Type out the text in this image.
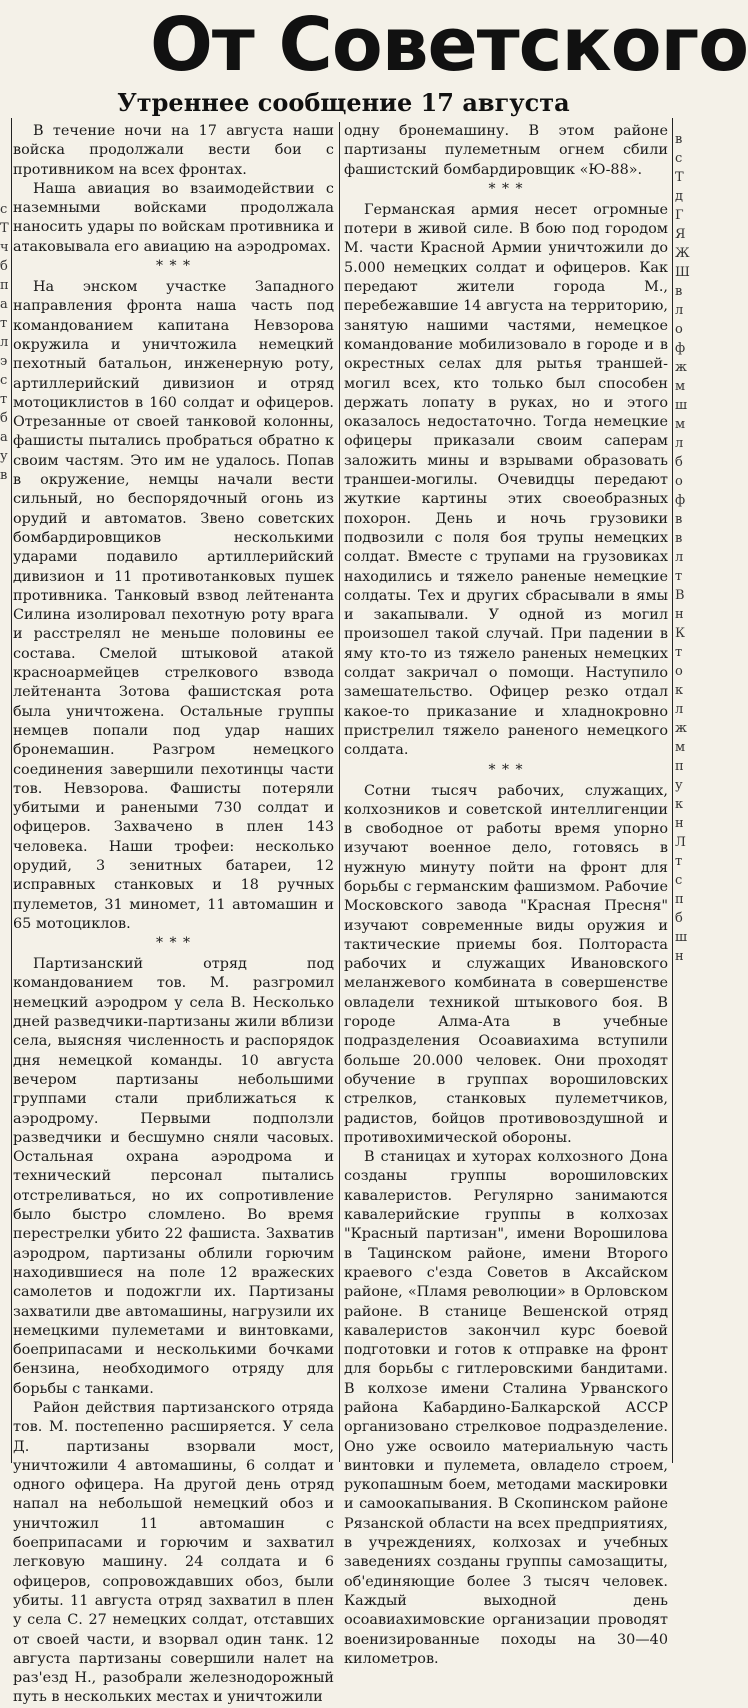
От Советского
Утреннее сообщение 17 августа
с
Т
ч
б
п
а
т
л
э
с
т
б
а
у
в

В течение ночи на 17 августа наши войска продолжали вести бои с противником на всех фронтах.

Наша авиация во взаимодействии с наземными войсками продолжала наносить удары по войскам противника и атаковывала его авиацию на аэродромах.

* * *

На энском участке Западного направления фронта наша часть под командованием капитана Невзорова окружила и уничтожила немецкий пехотный батальон, инженерную роту, артиллерийский дивизион и отряд мотоциклистов в 160 солдат и офицеров. Отрезанные от своей танковой колонны, фашисты пытались пробраться обратно к своим частям. Это им не удалось. Попав в окружение, немцы начали вести сильный, но беспорядочный огонь из орудий и автоматов. Звено советских бомбардировщиков несколькими ударами подавило артиллерийский дивизион и 11 противотанковых пушек противника. Танковый взвод лейтенанта Силина изолировал пехотную роту врага и расстрелял не меньше половины ее состава. Смелой штыковой атакой красноармейцев стрелкового взвода лейтенанта Зотова фашистская рота была уничтожена. Остальные группы немцев попали под удар наших бронемашин. Разгром немецкого соединения завершили пехотинцы части тов. Невзорова. Фашисты потеряли убитыми и ранеными 730 солдат и офицеров. Захвачено в плен 143 человека. Наши трофеи: несколько орудий, 3 зенитных батареи, 12 исправных станковых и 18 ручных пулеметов, 31 миномет, 11 автомашин и 65 мотоциклов.

* * *

Партизанский отряд под командованием тов. М. разгромил немецкий аэродром у села В. Несколько дней разведчики-партизаны жили вблизи села, выясняя численность и распорядок дня немецкой команды. 10 августа вечером партизаны небольшими группами стали приближаться к аэродрому. Первыми подползли разведчики и бесшумно сняли часовых. Остальная охрана аэродрома и технический персонал пытались отстреливаться, но их сопротивление было быстро сломлено. Во время перестрелки убито 22 фашиста. Захватив аэродром, партизаны облили горючим находившиеся на поле 12 вражеских самолетов и подожгли их. Партизаны захватили две автомашины, нагрузили их немецкими пулеметами и винтовками, боеприпасами и несколькими бочками бензина, необходимого отряду для борьбы с танками.

Район действия партизанского отряда тов. М. постепенно расширяется. У села Д. партизаны взорвали мост, уничтожили 4 автомашины, 6 солдат и одного офицера. На другой день отряд напал на небольшой немецкий обоз и уничтожил 11 автомашин с боеприпасами и горючим и захватил легковую машину. 24 солдата и 6 офицеров, сопровождавших обоз, были убиты. 11 августа отряд захватил в плен у села С. 27 немецких солдат, отставших от своей части, и взорвал один танк. 12 августа партизаны совершили налет на раз'езд Н., разобрали железнодорожный путь в нескольких местах и уничтожили

одну бронемашину. В этом районе партизаны пулеметным огнем сбили фашистский бомбардировщик «Ю-88».

* * *

Германская армия несет огромные потери в живой силе. В бою под городом М. части Красной Армии уничтожили до 5.000 немецких солдат и офицеров. Как передают жители города М., перебежавшие 14 августа на территорию, занятую нашими частями, немецкое командование мобилизовало в городе и в окрестных селах для рытья траншей-могил всех, кто только был способен держать лопату в руках, но и этого оказалось недостаточно. Тогда немецкие офицеры приказали своим саперам заложить мины и взрывами образовать траншеи-могилы. Очевидцы передают жуткие картины этих своеобразных похорон. День и ночь грузовики подвозили с поля боя трупы немецких солдат. Вместе с трупами на грузовиках находились и тяжело раненые немецкие солдаты. Тех и других сбрасывали в ямы и закапывали. У одной из могил произошел такой случай. При падении в яму кто-то из тяжело раненых немецких солдат закричал о помощи. Наступило замешательство. Офицер резко отдал какое-то приказание и хладнокровно пристрелил тяжело раненого немецкого солдата.

* * *

Сотни тысяч рабочих, служащих, колхозников и советской интеллигенции в свободное от работы время упорно изучают военное дело, готовясь в нужную минуту пойти на фронт для борьбы с германским фашизмом. Рабочие Московского завода "Красная Пресня" изучают современные виды оружия и тактические приемы боя. Полтораста рабочих и служащих Ивановского меланжевого комбината в совершенстве овладели техникой штыкового боя. В городе Алма-Ата в учебные подразделения Осоавиахима вступили больше 20.000 человек. Они проходят обучение в группах ворошиловских стрелков, станковых пулеметчиков, радистов, бойцов противовоздушной и противохимической обороны.

В станицах и хуторах колхозного Дона созданы группы ворошиловских кавалеристов. Регулярно занимаются кавалерийские группы в колхозах "Красный партизан", имени Ворошилова в Тацинском районе, имени Второго краевого с'езда Советов в Аксайском районе, «Пламя революции» в Орловском районе. В станице Вешенской отряд кавалеристов закончил курс боевой подготовки и готов к отправке на фронт для борьбы с гитлеровскими бандитами. В колхозе имени Сталина Урванского района Кабардино-Балкарской АССР организовано стрелковое подразделение. Оно уже освоило материальную часть винтовки и пулемета, овладело строем, рукопашным боем, методами маскировки и самоокапывания. В Скопинском районе Рязанской области на всех предприятиях, в учреждениях, колхозах и учебных заведениях созданы группы самозащиты, об'единяющие более 3 тысяч человек. Каждый выходной день осоавиахимовские организации проводят военизированные походы на 30—40 километров.

в
с
Т
д
Г
Я
Ж
Ш
в
л
о
ф
ж
м
ш
м
л
б
о
ф
в
в
л
т
В
н
К
т
о
к
л
ж
м
п
у
к
н
Л
т
с
п
б
ш
н
